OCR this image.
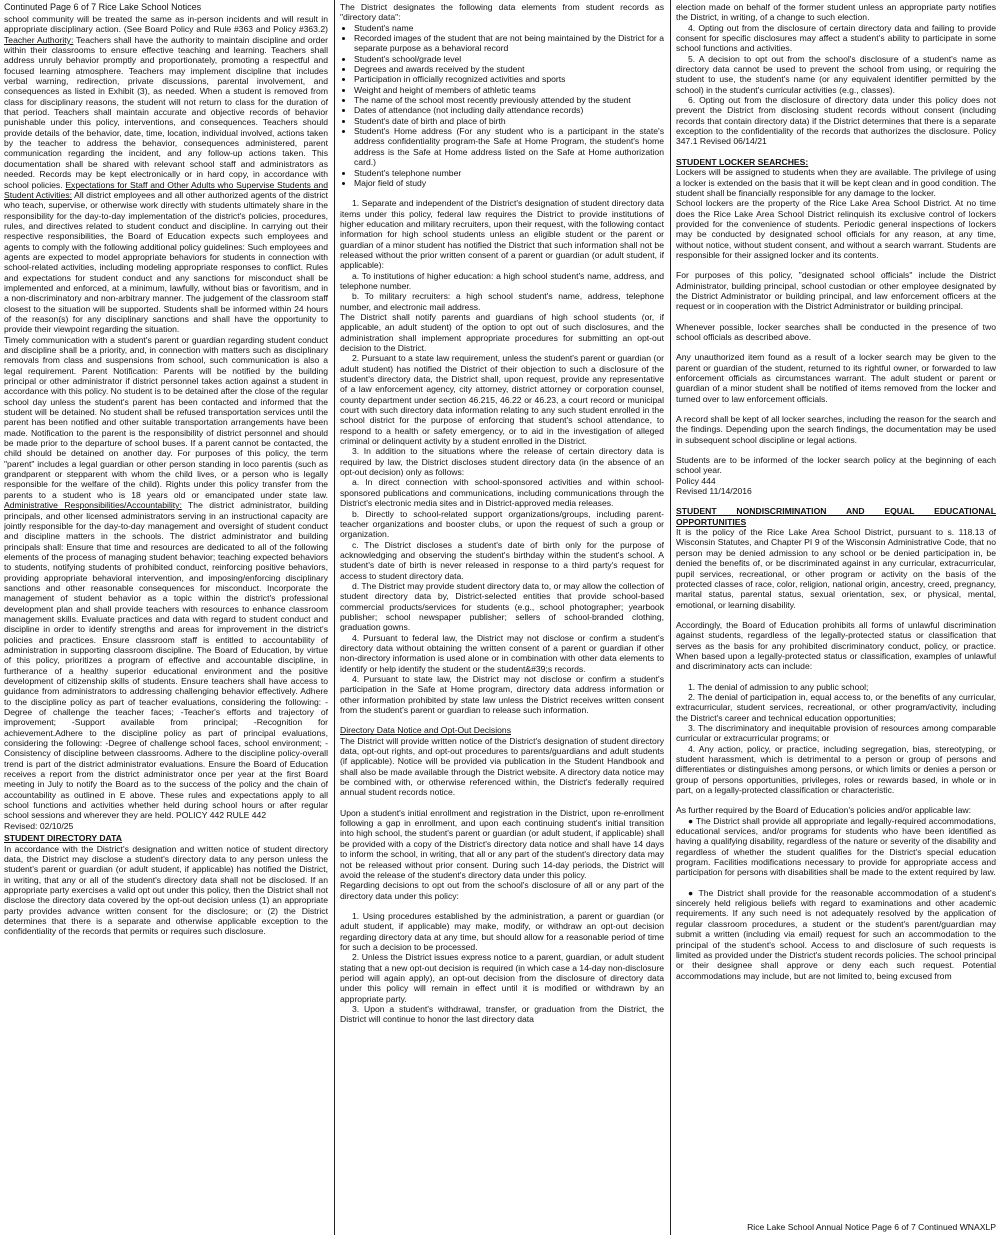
Continuted Page 6 of 7 Rice Lake School Notices

school community will be treated the same as in-person incidents and will result in appropriate disciplinary action. (See Board Policy and Rule #363 and Policy #363.2) Teacher Authority: Teachers shall have the authority to maintain discipline and order within their classrooms to ensure effective teaching and learning. Teachers shall address unruly behavior promptly and proportionately, promoting a respectful and focused learning atmosphere. Teachers may implement discipline that includes verbal warning, redirection, private discussions, parental involvement, and consequences as listed in Exhibit (3), as needed. When a student is removed from class for disciplinary reasons, the student will not return to class for the duration of that period. Teachers shall maintain accurate and objective records of behavior punishable under this policy, interventions, and consequences. Teachers should provide details of the behavior, date, time, location, individual involved, actions taken by the teacher to address the behavior, consequences administered, parent communication regarding the incident, and any follow-up actions taken. This documentation shall be shared with relevant school staff and administrators as needed. Records may be kept electronically or in hard copy, in accordance with school policies. Expectations for Staff and Other Adults who Supervise Students and Student Activities: All district employees and all other authorized agents of the district who teach, supervise, or otherwise work directly with students ultimately share in the responsibility for the day-to-day implementation of the district's policies, procedures, rules, and directives related to student conduct and discipline. In carrying out their respective responsibilities, the Board of Education expects such employees and agents to comply with the following additional policy guidelines: Such employees and agents are expected to model appropriate behaviors for students in connection with school-related activities, including modeling appropriate responses to conflict. Rules and expectations for student conduct and any sanctions for misconduct shall be implemented and enforced, at a minimum, lawfully, without bias or favoritism, and in a non-discriminatory and non-arbitrary manner. The judgement of the classroom staff closest to the situation will be supported. Students shall be informed within 24 hours of the reason(s) for any disciplinary sanctions and shall have the opportunity to provide their viewpoint regarding the situation.

Timely communication with a student's parent or guardian regarding student conduct and discipline shall be a priority, and, in connection with matters such as disciplinary removals from class and suspensions from school, such communication is also a legal requirement. Parent Notification: Parents will be notified by the building principal or other administrator if district personnel takes action against a student in accordance with this policy. No student is to be detained after the close of the regular school day unless the student's parent has been contacted and informed that the student will be detained. No student shall be refused transportation services until the parent has been notified and other suitable transportation arrangements have been made. Notification to the parent is the responsibility of district personnel and should be made prior to the departure of school buses. If a parent cannot be contacted, the child should be detained on another day. For purposes of this policy, the term "parent" includes a legal guardian or other person standing in loco parentis (such as grandparent or stepparent with whom the child lives, or a person who is legally responsible for the welfare of the child). Rights under this policy transfer from the parents to a student who is 18 years old or emancipated under state law. Administrative Responsibilities/Accountability: The district administrator, building principals, and other licensed administrators serving in an instructional capacity are jointly responsible for the day-to-day management and oversight of student conduct and discipline matters in the schools. The district administrator and building principals shall: Ensure that time and resources are dedicated to all of the following elements of the process of managing student behavior; teaching expected behaviors to students, notifying students of prohibited conduct, reinforcing positive behaviors, providing appropriate behavioral intervention, and imposing/enforcing disciplinary sanctions and other reasonable consequences for misconduct. Incorporate the management of student behavior as a topic within the district's professional development plan and shall provide teachers with resources to enhance classroom management skills. Evaluate practices and data with regard to student conduct and discipline in order to identify strengths and areas for improvement in the district's policies and practices. Ensure classroom staff is entitled to accountability of administration in supporting classroom discipline. The Board of Education, by virtue of this policy, prioritizes a program of effective and accountable discipline, in furtherance of a healthy superior educational environment and the positive development of citizenship skills of students. Ensure teachers shall have access to guidance from administrators to addressing challenging behavior effectively. Adhere to the discipline policy as part of teacher evaluations, considering the following: - Degree of challenge the teacher faces; -Teacher's efforts and trajectory of improvement; -Support available from principal; -Recognition for achievement.Adhere to the discipline policy as part of principal evaluations, considering the following: -Degree of challenge school faces, school environment; -Consistency of discipline between classrooms. Adhere to the discipline policy-overall trend is part of the district administrator evaluations. Ensure the Board of Education receives a report from the district administrator once per year at the first Board meeting in July to notify the Board as to the success of the policy and the chain of accountability as outlined in E above. These rules and expectations apply to all school functions and activities whether held during school hours or after regular school sessions and wherever they are held. POLICY 442 RULE 442

Revised: 02/10/25

STUDENT DIRECTORY DATA

In accordance with the District's designation and written notice of student directory data, the District may disclose a student's directory data to any person unless the student's parent or guardian (or adult student, if applicable) has notified the District, in writing, that any or all of the student's directory data shall not be disclosed. If an appropriate party exercises a valid opt out under this policy, then the District shall not disclose the directory data covered by the opt-out decision unless (1) an appropriate party provides advance written consent for the disclosure; or (2) the District determines that there is a separate and otherwise applicable exception to the confidentiality of the records that permits or requires such disclosure.

The District designates the following data elements from student records as "directory data":

• Student's name
• Recorded images of the student that are not being maintained by the District for a separate purpose as a behavioral record
• Student's school/grade level
• Degrees and awards received by the student
• Participation in officially recognized activities and sports
• Weight and height of members of athletic teams
• The name of the school most recently previously attended by the student
• Dates of attendance (not including daily attendance records)
• Student's date of birth and place of birth
• Student's Home address (For any student who is a participant in the state's address confidentiality program-the Safe at Home Program, the student's home address is the Safe at Home address listed on the Safe at Home authorization card.)
• Student's telephone number
• Major field of study

1. Separate and independent of the District's designation of student directory data items under this policy, federal law requires the District to provide institutions of higher education and military recruiters, upon their request, with the following contact information for high school students unless an eligible student or the parent or guardian of a minor student has notified the District that such information shall not be released without the prior written consent of a parent or guardian (or adult student, if applicable):

a. To institutions of higher education: a high school student's name, address, and telephone number.

b. To military recruiters: a high school student's name, address, telephone number, and electronic mail address.

The District shall notify parents and guardians of high school students (or, if applicable, an adult student) of the option to opt out of such disclosures, and the administration shall implement appropriate procedures for submitting an opt-out decision to the District.

2. Pursuant to a state law requirement, unless the student's parent or guardian (or adult student) has notified the District of their objection to such a disclosure of the student's directory data, the District shall, upon request, provide any representative of a law enforcement agency, city attorney, district attorney or corporation counsel, county department under section 46.215, 46.22 or 46.23, a court record or municipal court with such directory data information relating to any such student enrolled in the school district for the purpose of enforcing that student's school attendance, to respond to a health or safety emergency, or to aid in the investigation of alleged criminal or delinquent activity by a student enrolled in the District.

3. In addition to the situations where the release of certain directory data is required by law, the District discloses student directory data (in the absence of an opt-out decision) only as follows:

a. In direct connection with school-sponsored activities and within school-sponsored publications and communications, including communications through the District's electronic media sites and in District-approved media releases.

b. Directly to school-related support organizations/groups, including parent-teacher organizations and booster clubs, or upon the request of such a group or organization.

c. The District discloses a student's date of birth only for the purpose of acknowledging and observing the student's birthday within the student's school. A student's date of birth is never released in response to a third party's request for access to student directory data.

d. The District may provide student directory data to, or may allow the collection of student directory data by, District-selected entities that provide school-based commercial products/services for students (e.g., school photographer; yearbook publisher; school newspaper publisher; sellers of school-branded clothing, graduation gowns.

4. Pursuant to federal law, the District may not disclose or confirm a student's directory data without obtaining the written consent of a parent or guardian if other non-directory information is used alone or in combination with other data elements to identify or help identify the student or the student&#39;s records.

4. Pursuant to state law, the District may not disclose or confirm a student's participation in the Safe at Home program, directory data address information or other information prohibited by state law unless the District receives written consent from the student's parent or guardian to release such information.

Directory Data Notice and Opt-Out Decisions

The District will provide written notice of the District's designation of student directory data, opt-out rights, and opt-out procedures to parents/guardians and adult students (if applicable). Notice will be provided via publication in the Student Handbook and shall also be made available through the District website. A directory data notice may be combined with, or otherwise referenced within, the District's federally required annual student records notice.

Upon a student's initial enrollment and registration in the District, upon re-enrollment following a gap in enrollment, and upon each continuing student's initial transition into high school, the student's parent or guardian (or adult student, if applicable) shall be provided with a copy of the District's directory data notice and shall have 14 days to inform the school, in writing, that all or any part of the student's directory data may not be released without prior consent. During such 14-day periods, the District will avoid the release of the student's directory data under this policy.

Regarding decisions to opt out from the school's disclosure of all or any part of the directory data under this policy:

1. Using procedures established by the administration, a parent or guardian (or adult student, if applicable) may make, modify, or withdraw an opt-out decision regarding directory data at any time, but should allow for a reasonable period of time for such a decision to be processed.

2. Unless the District issues express notice to a parent, guardian, or adult student stating that a new opt-out decision is required (in which case a 14-day non-disclosure period will again apply), an opt-out decision from the disclosure of directory data under this policy will remain in effect until it is modified or withdrawn by an appropriate party.

3. Upon a student's withdrawal, transfer, or graduation from the District, the District will continue to honor the last directory data

election made on behalf of the former student unless an appropriate party notifies the District, in writing, of a change to such election.

4. Opting out from the disclosure of certain directory data and failing to provide consent for specific disclosures may affect a student's ability to participate in some school functions and activities.

5. A decision to opt out from the school's disclosure of a student's name as directory data cannot be used to prevent the school from using, or requiring the student to use, the student's name (or any equivalent identifier permitted by the school) in the student's curricular activities (e.g., classes).

6. Opting out from the disclosure of directory data under this policy does not prevent the District from disclosing student records without consent (including records that contain directory data) if the District determines that there is a separate exception to the confidentiality of the records that authorizes the disclosure. Policy 347.1 Revised 06/14/21

STUDENT LOCKER SEARCHES:

Lockers will be assigned to students when they are available. The privilege of using a locker is extended on the basis that it will be kept clean and in good condition. The student shall be financially responsible for any damage to the locker.

School lockers are the property of the Rice Lake Area School District. At no time does the Rice Lake Area School District relinquish its exclusive control of lockers provided for the convenience of students. Periodic general inspections of lockers may be conducted by designated school officials for any reason, at any time, without notice, without student consent, and without a search warrant. Students are responsible for their assigned locker and its contents.

For purposes of this policy, "designated school officials" include the District Administrator, building principal, school custodian or other employee designated by the District Administrator or building principal, and law enforcement officers at the request or in cooperation with the District Administrator or building principal.

Whenever possible, locker searches shall be conducted in the presence of two school officials as described above.

Any unauthorized item found as a result of a locker search may be given to the parent or guardian of the student, returned to its rightful owner, or forwarded to law enforcement officials as circumstances warrant. The adult student or parent or guardian of a minor student shall be notified of items removed from the locker and turned over to law enforcement officials.

A record shall be kept of all locker searches, including the reason for the search and the findings. Depending upon the search findings, the documentation may be used in subsequent school discipline or legal actions.

Students are to be informed of the locker search policy at the beginning of each school year.

Policy 444

Revised 11/14/2016

STUDENT NONDISCRIMINATION AND EQUAL EDUCATIONAL OPPORTUNITIES

It is the policy of the Rice Lake Area School District, pursuant to s. 118.13 of Wisconsin Statutes, and Chapter PI 9 of the Wisconsin Administrative Code, that no person may be denied admission to any school or be denied participation in, be denied the benefits of, or be discriminated against in any curricular, extracurricular, pupil services, recreational, or other program or activity on the basis of the protected classes of race, color, religion, national origin, ancestry, creed, pregnancy, marital status, parental status, sexual orientation, sex, or physical, mental, emotional, or learning disability.

Accordingly, the Board of Education prohibits all forms of unlawful discrimination against students, regardless of the legally-protected status or classification that serves as the basis for any prohibited discriminatory conduct, policy, or practice. When based upon a legally-protected status or classification, examples of unlawful and discriminatory acts can include:

1. The denial of admission to any public school;

2. The denial of participation in, equal access to, or the benefits of any curricular, extracurricular, student services, recreational, or other program/activity, including the District's career and technical education opportunities;

3. The discriminatory and inequitable provision of resources among comparable curricular or extracurricular programs; or

4. Any action, policy, or practice, including segregation, bias, stereotyping, or student harassment, which is detrimental to a person or group of persons and differentiates or distinguishes among persons, or which limits or denies a person or group of persons opportunities, privileges, roles or rewards based, in whole or in part, on a legally-protected classification or characteristic.

As further required by the Board of Education's policies and/or applicable law:

● The District shall provide all appropriate and legally-required accommodations, educational services, and/or programs for students who have been identified as having a qualifying disability, regardless of the nature or severity of the disability and regardless of whether the student qualifies for the District's special education program. Facilities modifications necessary to provide for appropriate access and participation for persons with disabilities shall be made to the extent required by law.

● The District shall provide for the reasonable accommodation of a student's sincerely held religious beliefs with regard to examinations and other academic requirements. If any such need is not adequately resolved by the application of regular classroom procedures, a student or the student's parent/guardian may submit a written (including via email) request for such an accommodation to the principal of the student's school. Access to and disclosure of such requests is limited as provided under the District's student records policies. The school principal or their designee shall approve or deny each such request. Potential accommodations may include, but are not limited to, being excused from

Rice Lake School Annual Notice Page 6 of 7 Continued WNAXLP
